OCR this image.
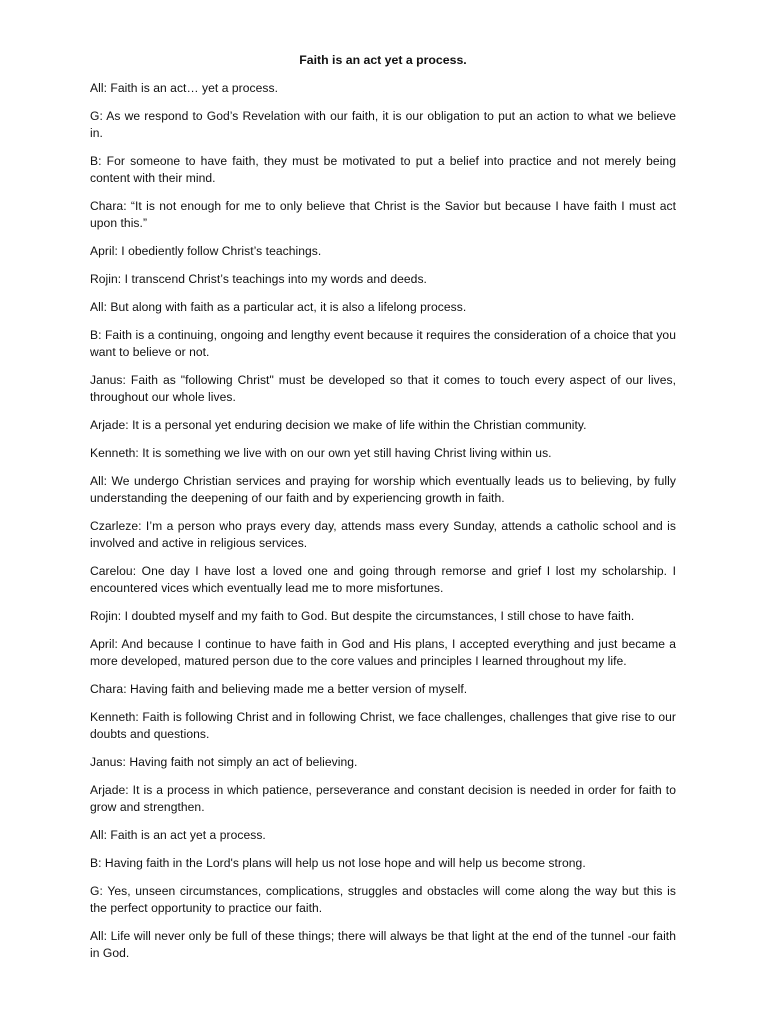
Faith is an act yet a process.
All: Faith is an act… yet a process.
G: As we respond to God’s Revelation with our faith, it is our obligation to put an action to what we believe in.
B: For someone to have faith, they must be motivated to put a belief into practice and not merely being content with their mind.
Chara: “It is not enough for me to only believe that Christ is the Savior but because I have faith I must act upon this.”
April: I obediently follow Christ’s teachings.
Rojin: I transcend Christ’s teachings into my words and deeds.
All: But along with faith as a particular act, it is also a lifelong process.
B: Faith is a continuing, ongoing and lengthy event because it requires the consideration of a choice that you want to believe or not.
Janus: Faith as "following Christ" must be developed so that it comes to touch every aspect of our lives, throughout our whole lives.
Arjade: It is a personal yet enduring decision we make of life within the Christian community.
Kenneth: It is something we live with on our own yet still having Christ living within us.
All: We undergo Christian services and praying for worship which eventually leads us to believing, by fully understanding the deepening of our faith and by experiencing growth in faith.
Czarleze: I’m a person who prays every day, attends mass every Sunday, attends a catholic school and is involved and active in religious services.
Carelou: One day I have lost a loved one and going through remorse and grief I lost my scholarship. I encountered vices which eventually lead me to more misfortunes.
Rojin: I doubted myself and my faith to God. But despite the circumstances, I still chose to have faith.
April: And because I continue to have faith in God and His plans, I accepted everything and just became a more developed, matured person due to the core values and principles I learned throughout my life.
Chara: Having faith and believing made me a better version of myself.
Kenneth: Faith is following Christ and in following Christ, we face challenges, challenges that give rise to our doubts and questions.
Janus: Having faith not simply an act of believing.
Arjade: It is a process in which patience, perseverance and constant decision is needed in order for faith to grow and strengthen.
All: Faith is an act yet a process.
B: Having faith in the Lord's plans will help us not lose hope and will help us become strong.
G: Yes, unseen circumstances, complications, struggles and obstacles will come along the way but this is the perfect opportunity to practice our faith.
All: Life will never only be full of these things; there will always be that light at the end of the tunnel -our faith in God.
